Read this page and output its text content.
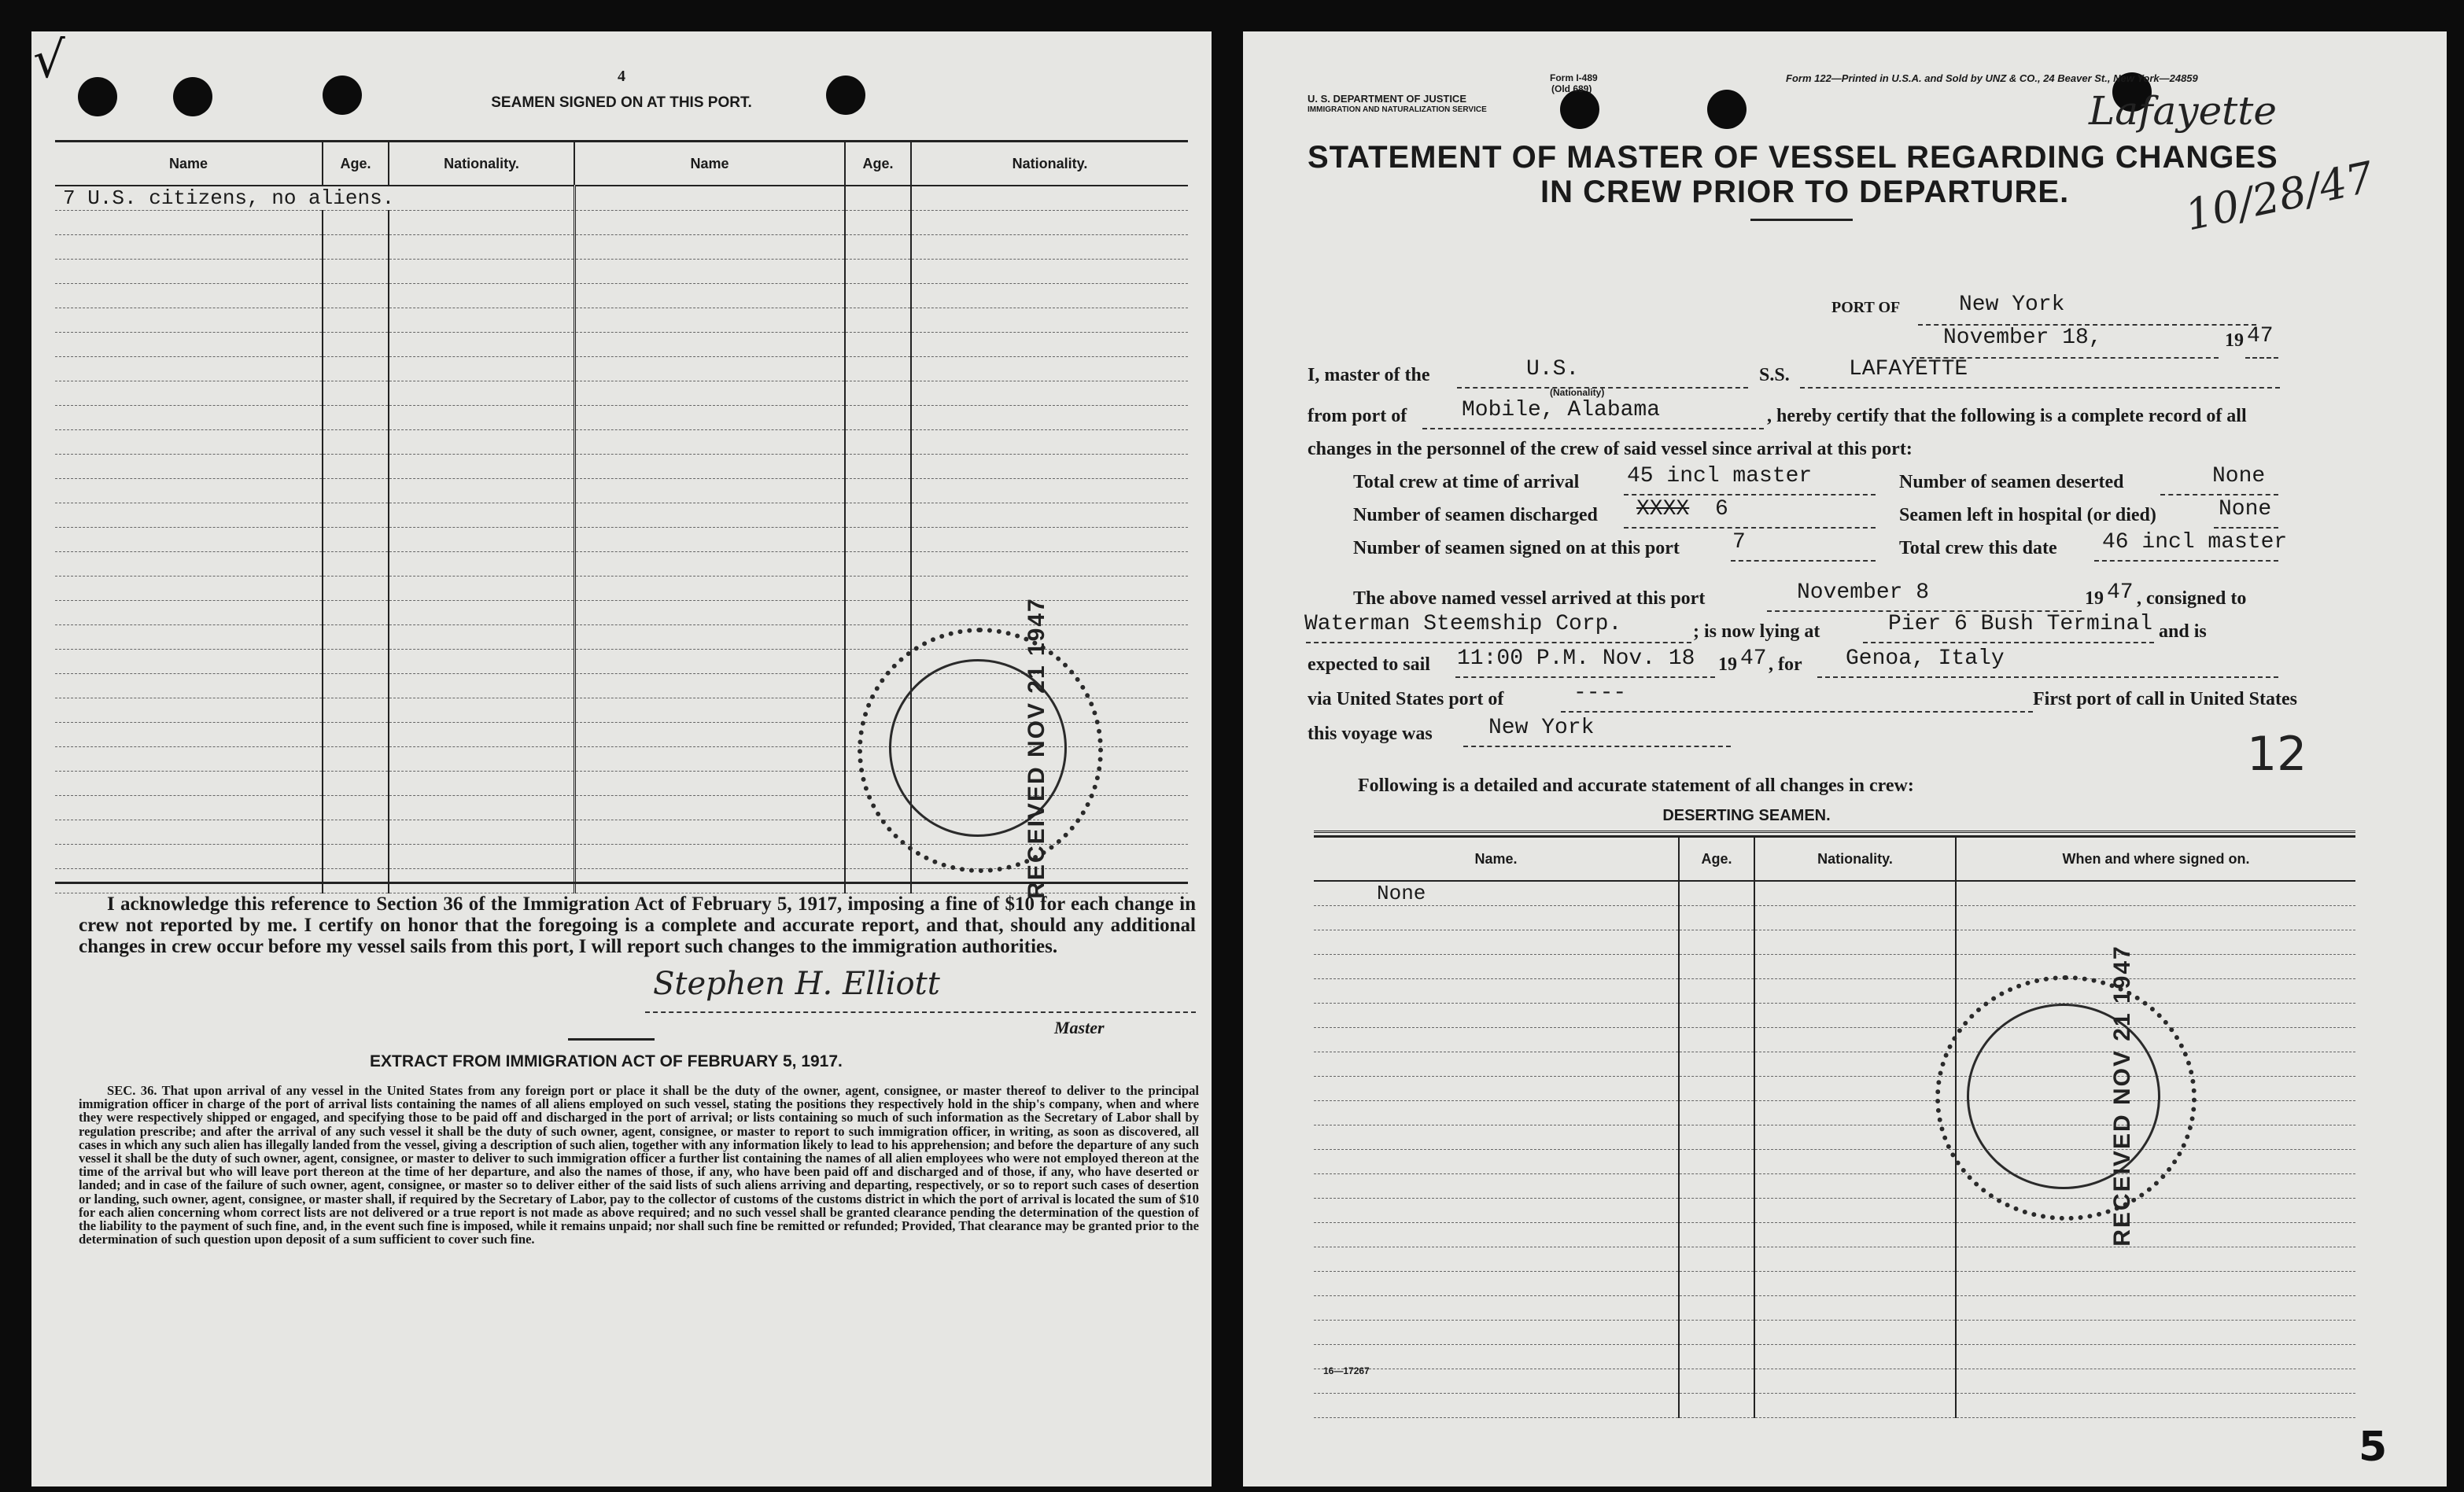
√	4
SEAMEN SIGNED ON AT THIS PORT.
Name	Age.	Nationality.	Name	Age.	Nationality.
7 U.S. citizens, no aliens.					

I acknowledge this reference to Section 36 of the Immigration Act of February 5, 1917, imposing a fine of $10 for each change in crew not reported by me. I certify on honor that the foregoing is a complete and accurate report, and that, should any additional changes in crew occur before my vessel sails from this port, I will report such changes to the immigration authorities.
Stephen H. Elliott
Master
EXTRACT FROM IMMIGRATION ACT OF FEBRUARY 5, 1917.
SEC. 36. That upon arrival of any vessel in the United States from any foreign port or place it shall be the duty of the owner, agent, consignee, or master thereof to deliver to the principal immigration officer in charge of the port of arrival lists containing the names of all aliens employed on such vessel, stating the positions they respectively hold in the ship's company, when and where they were respectively shipped or engaged, and specifying those to be paid off and discharged in the port of arrival; or lists containing so much of such information as the Secretary of Labor shall by regulation prescribe; and after the arrival of any such vessel it shall be the duty of such owner, agent, consignee, or master to report to such immigration officer, in writing, as soon as discovered, all cases in which any such alien has illegally landed from the vessel, giving a description of such alien, together with any information likely to lead to his apprehension; and before the departure of any such vessel it shall be the duty of such owner, agent, consignee, or master to deliver to such immigration officer a further list containing the names of all alien employees who were not employed thereon at the time of the arrival but who will leave port thereon at the time of her departure, and also the names of those, if any, who have been paid off and discharged and of those, if any, who have deserted or landed; and in case of the failure of such owner, agent, consignee, or master so to deliver either of the said lists of such aliens arriving and departing, respectively, or so to report such cases of desertion or landing, such owner, agent, consignee, or master shall, if required by the Secretary of Labor, pay to the collector of customs of the customs district in which the port of arrival is located the sum of $10 for each alien concerning whom correct lists are not delivered or a true report is not made as above required; and no such vessel shall be granted clearance pending the determination of the question of the liability to the payment of such fine, and, in the event such fine is imposed, while it remains unpaid; nor shall such fine be remitted or refunded; Provided, That clearance may be granted prior to the determination of such question upon deposit of a sum sufficient to cover such fine.
RECEIVED NOV 21 1947
Form I-489
(Old 689)
U. S. DEPARTMENT OF JUSTICE
IMMIGRATION AND NATURALIZATION SERVICE
Form 122—Printed in U.S.A. and Sold by UNZ & CO., 24 Beaver St., New York—24859
Lafayette
10/28/47
STATEMENT OF MASTER OF VESSEL REGARDING CHANGES
IN CREW PRIOR TO DEPARTURE.
PORT OF	New York
November 18,	19 47
I, master of the	U.S.
(Nationality)
S.S.	LAFAYETTE
from port of Mobile, Alabama	, hereby certify that the following is a complete record of all
changes in the personnel of the crew of said vessel since arrival at this port:
Total crew at time of arrival 45 incl master	Number of seamen deserted	None
Number of seamen discharged XXXX 6	Seamen left in hospital (or died)	None
Number of seamen signed on at this port 7	Total crew this date 46 incl master
The above named vessel arrived at this port	November 8	19 47 , consigned to
Waterman Steemship Corp.	; is now lying at	Pier 6 Bush Terminal and is
expected to sail 11:00 P.M. Nov. 18 19 47 , for Genoa, Italy
via United States port of	----	First port of call in United States
this voyage was	New York	12
Following is a detailed and accurate statement of all changes in crew:
DESERTING SEAMEN.
Name.	Age.	Nationality.	When and where signed on.
None			

16—17267
RECEIVED NOV 21 1947
5
